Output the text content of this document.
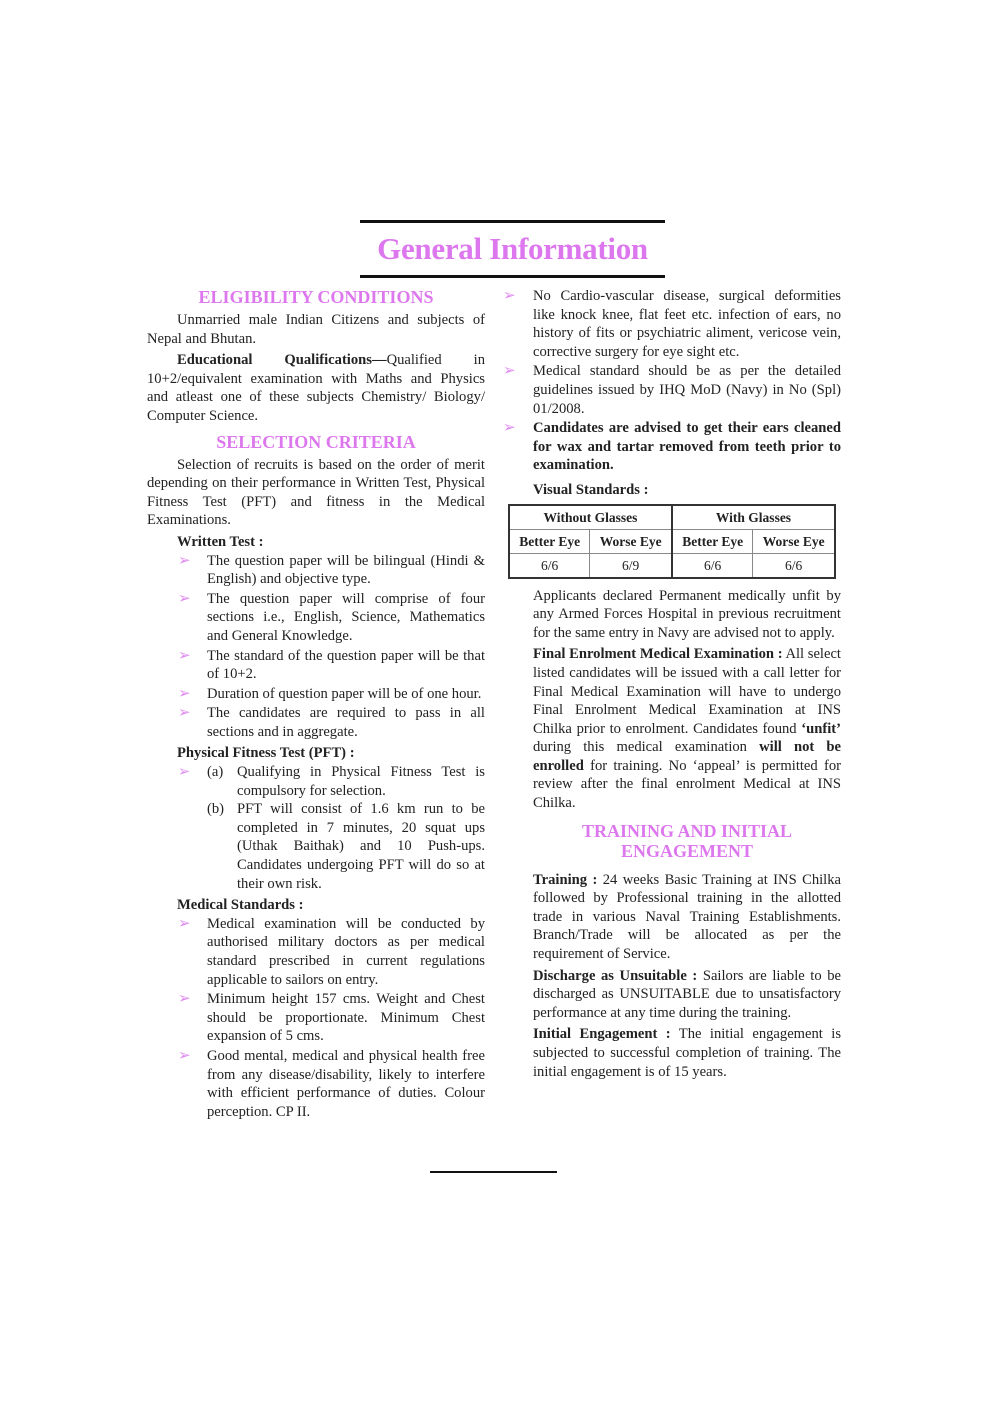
General Information
ELIGIBILITY CONDITIONS

Unmarried male Indian Citizens and subjects of Nepal and Bhutan.

Educational Qualifications—Qualified in 10+2/equivalent examination with Maths and Physics and atleast one of these subjects Chemistry/ Biology/ Computer Science.

SELECTION CRITERIA

Selection of recruits is based on the order of merit depending on their performance in Written Test, Physical Fitness Test (PFT) and fitness in the Medical Examinations.

Written Test :
➢ The question paper will be bilingual (Hindi & English) and objective type.
➢ The question paper will comprise of four sections i.e., English, Science, Mathematics and General Knowledge.
➢ The standard of the question paper will be that of 10+2.
➢ Duration of question paper will be of one hour.
➢ The candidates are required to pass in all sections and in aggregate.
Physical Fitness Test (PFT) :
➢ (a) Qualifying in Physical Fitness Test is compulsory for selection.
(b) PFT will consist of 1.6 km run to be completed in 7 minutes, 20 squat ups (Uthak Baithak) and 10 Push-ups. Candidates undergoing PFT will do so at their own risk.
Medical Standards :
➢ Medical examination will be conducted by authorised military doctors as per medical standard prescribed in current regulations applicable to sailors on entry.
➢ Minimum height 157 cms. Weight and Chest should be proportionate. Minimum Chest expansion of 5 cms.
➢ Good mental, medical and physical health free from any disease/disability, likely to interfere with efficient performance of duties. Colour perception. CP II.
➢ No Cardio-vascular disease, surgical deformities like knock knee, flat feet etc. infection of ears, no history of fits or psychiatric aliment, vericose vein, corrective surgery for eye sight etc.
➢ Medical standard should be as per the detailed guidelines issued by IHQ MoD (Navy) in No (Spl) 01/2008.
➢ Candidates are advised to get their ears cleaned for wax and tartar removed from teeth prior to examination.
Visual Standards :
Without Glasses		With Glasses	
Better Eye	Worse Eye	Better Eye	Worse Eye
6/6	6/9	6/6	6/6

Applicants declared Permanent medically unfit by any Armed Forces Hospital in previous recruitment for the same entry in Navy are advised not to apply.

Final Enrolment Medical Examination : All select listed candidates will be issued with a call letter for Final Medical Examination will have to undergo Final Enrolment Medical Examination at INS Chilka prior to enrolment. Candidates found ‘unfit’ during this medical examination will not be enrolled for training. No ‘appeal’ is permitted for review after the final enrolment Medical at INS Chilka.

TRAINING AND INITIAL
ENGAGEMENT

Training : 24 weeks Basic Training at INS Chilka followed by Professional training in the allotted trade in various Naval Training Establishments. Branch/Trade will be allocated as per the requirement of Service.

Discharge as Unsuitable : Sailors are liable to be discharged as UNSUITABLE due to unsatisfactory performance at any time during the training.

Initial Engagement : The initial engagement is subjected to successful completion of training. The initial engagement is of 15 years.
